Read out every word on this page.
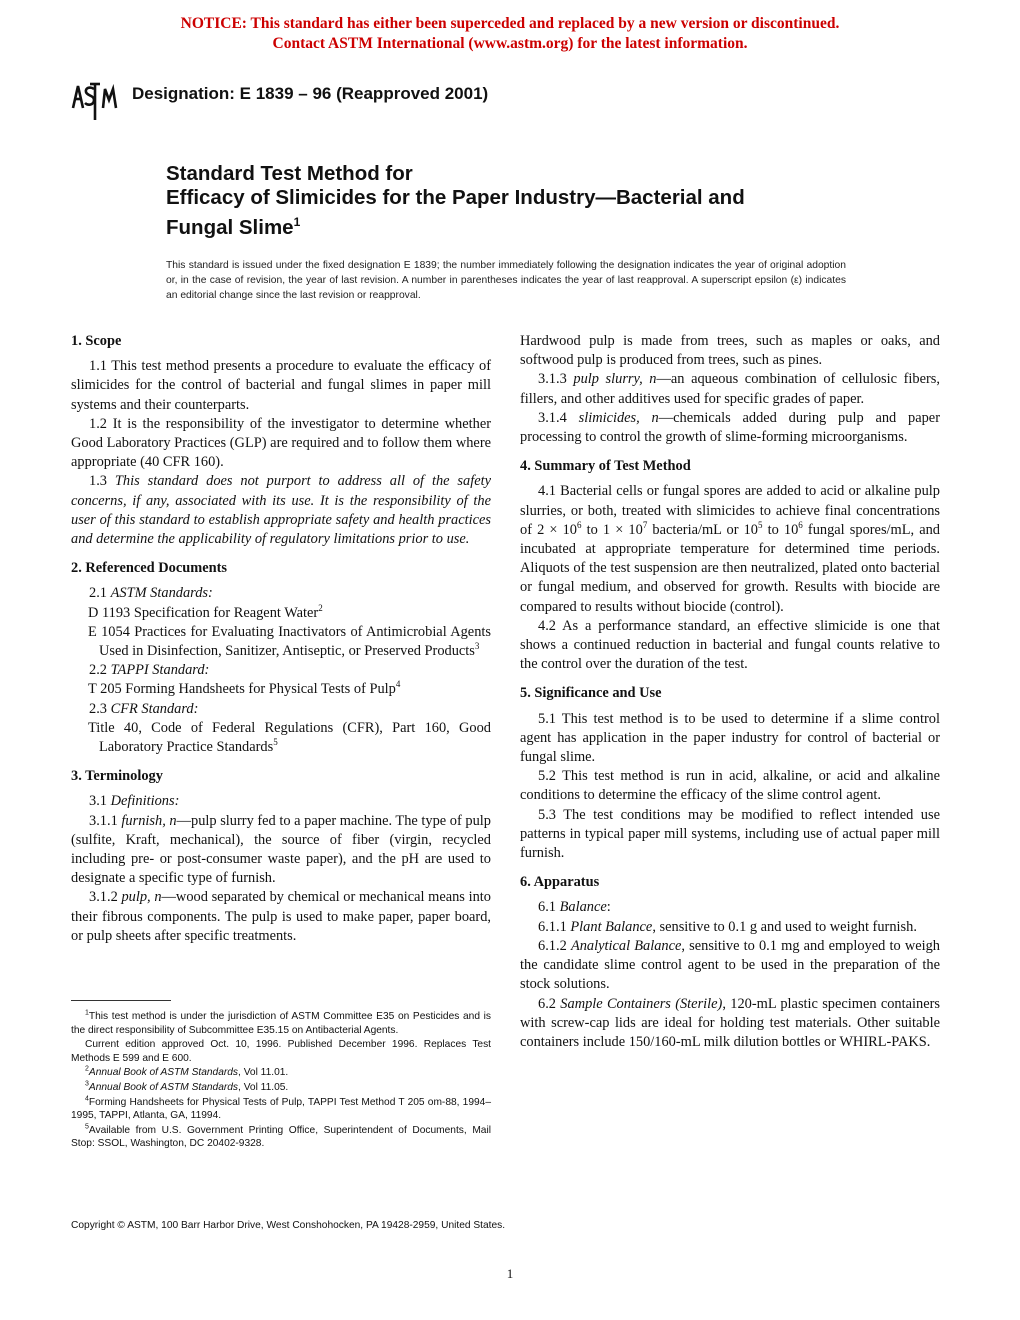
NOTICE: This standard has either been superceded and replaced by a new version or discontinued.
Contact ASTM International (www.astm.org) for the latest information.
Designation: E 1839 – 96 (Reapproved 2001)
Standard Test Method for
Efficacy of Slimicides for the Paper Industry—Bacterial and
Fungal Slime$^1$
This standard is issued under the fixed designation E 1839; the number immediately following the designation indicates the year of original adoption or, in the case of revision, the year of last revision. A number in parentheses indicates the year of last reapproval. A superscript epsilon (ε) indicates an editorial change since the last revision or reapproval.
1. Scope

1.1 This test method presents a procedure to evaluate the efficacy of slimicides for the control of bacterial and fungal slimes in paper mill systems and their counterparts.

1.2 It is the responsibility of the investigator to determine whether Good Laboratory Practices (GLP) are required and to follow them where appropriate (40 CFR 160).

1.3 This standard does not purport to address all of the safety concerns, if any, associated with its use. It is the responsibility of the user of this standard to establish appropriate safety and health practices and determine the applicability of regulatory limitations prior to use.

2. Referenced Documents

2.1 ASTM Standards:

D 1193 Specification for Reagent Water$^2$

E 1054 Practices for Evaluating Inactivators of Antimicrobial Agents Used in Disinfection, Sanitizer, Antiseptic, or Preserved Products$^3$

2.2 TAPPI Standard:

T 205 Forming Handsheets for Physical Tests of Pulp$^4$

2.3 CFR Standard:

Title 40, Code of Federal Regulations (CFR), Part 160, Good Laboratory Practice Standards$^5$

3. Terminology

3.1 Definitions:

3.1.1 furnish, n—pulp slurry fed to a paper machine. The type of pulp (sulfite, Kraft, mechanical), the source of fiber (virgin, recycled including pre- or post-consumer waste paper), and the pH are used to designate a specific type of furnish.

3.1.2 pulp, n—wood separated by chemical or mechanical means into their fibrous components. The pulp is used to make paper, paper board, or pulp sheets after specific treatments.

Hardwood pulp is made from trees, such as maples or oaks, and softwood pulp is produced from trees, such as pines.

3.1.3 pulp slurry, n—an aqueous combination of cellulosic fibers, fillers, and other additives used for specific grades of paper.

3.1.4 slimicides, n—chemicals added during pulp and paper processing to control the growth of slime-forming microorganisms.

4. Summary of Test Method

4.1 Bacterial cells or fungal spores are added to acid or alkaline pulp slurries, or both, treated with slimicides to achieve final concentrations of $2 \times 10^6$ to $1 \times 10^7$ bacteria/mL or $10^5$ to $10^6$ fungal spores/mL, and incubated at appropriate temperature for determined time periods. Aliquots of the test suspension are then neutralized, plated onto bacterial or fungal medium, and observed for growth. Results with biocide are compared to results without biocide (control).

4.2 As a performance standard, an effective slimicide is one that shows a continued reduction in bacterial and fungal counts relative to the control over the duration of the test.

5. Significance and Use

5.1 This test method is to be used to determine if a slime control agent has application in the paper industry for control of bacterial or fungal slime.

5.2 This test method is run in acid, alkaline, or acid and alkaline conditions to determine the efficacy of the slime control agent.

5.3 The test conditions may be modified to reflect intended use patterns in typical paper mill systems, including use of actual paper mill furnish.

6. Apparatus

6.1 Balance:

6.1.1 Plant Balance, sensitive to 0.1 g and used to weight furnish.

6.1.2 Analytical Balance, sensitive to 0.1 mg and employed to weigh the candidate slime control agent to be used in the preparation of the stock solutions.

6.2 Sample Containers (Sterile), 120-mL plastic specimen containers with screw-cap lids are ideal for holding test materials. Other suitable containers include 150/160-mL milk dilution bottles or WHIRL-PAKS.

$^1$This test method is under the jurisdiction of ASTM Committee E35 on Pesticides and is the direct responsibility of Subcommittee E35.15 on Antibacterial Agents.

Current edition approved Oct. 10, 1996. Published December 1996. Replaces Test Methods E 599 and E 600.

$^2$Annual Book of ASTM Standards, Vol 11.01.

$^3$Annual Book of ASTM Standards, Vol 11.05.

$^4$Forming Handsheets for Physical Tests of Pulp, TAPPI Test Method T 205 om-88, 1994–1995, TAPPI, Atlanta, GA, 11994.

$^5$Available from U.S. Government Printing Office, Superintendent of Documents, Mail Stop: SSOL, Washington, DC 20402-9328.

Copyright © ASTM, 100 Barr Harbor Drive, West Conshohocken, PA 19428-2959, United States.
1
